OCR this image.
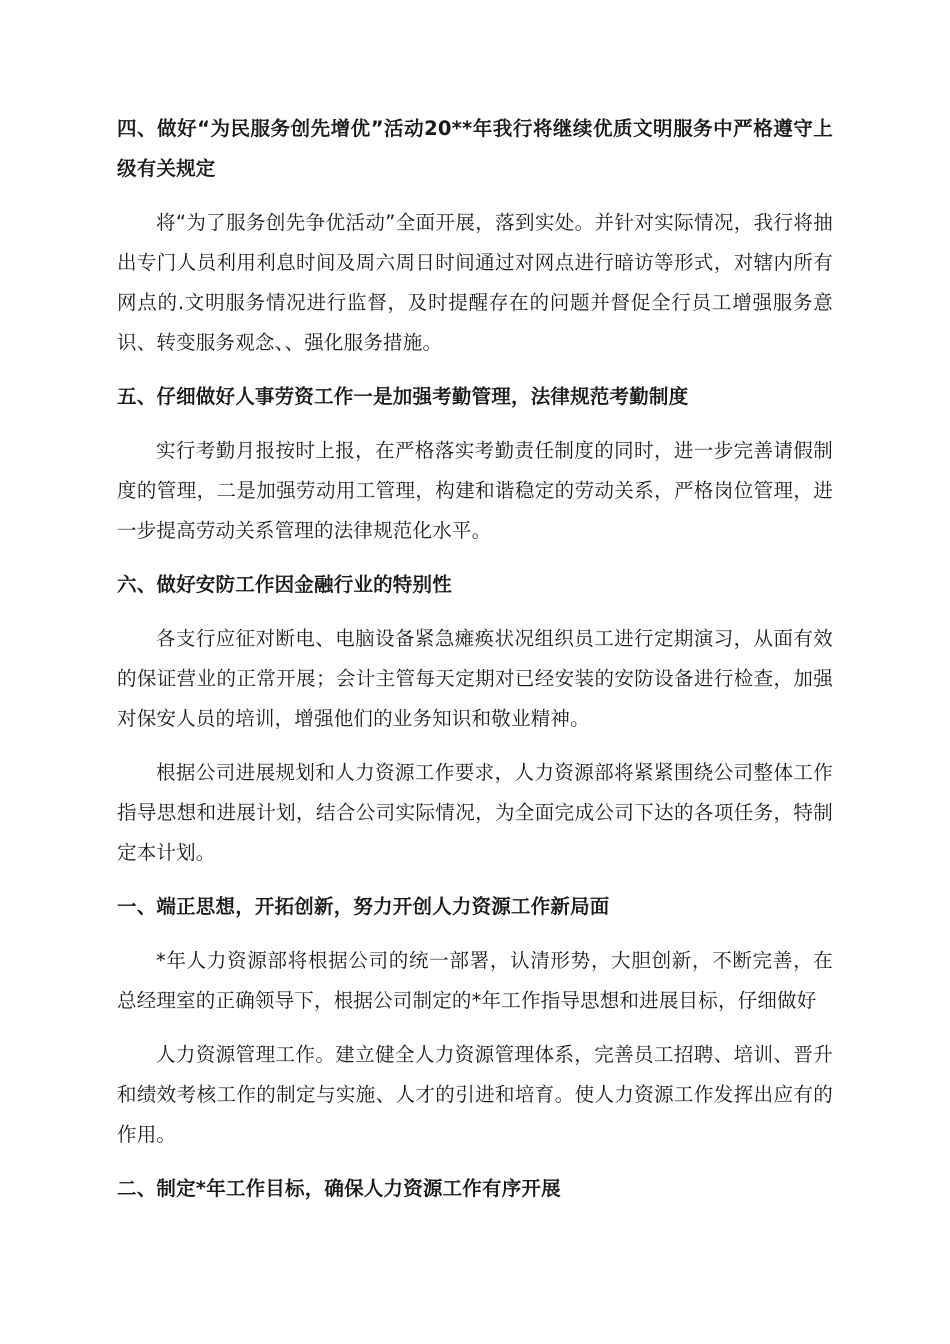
四、做好“为民服务创先增优”活动20**年我行将继续优质文明服务中严格遵守上级有关规定

将“为了服务创先争优活动”全面开展，落到实处。并针对实际情况，我行将抽出专门人员利用利息时间及周六周日时间通过对网点进行暗访等形式，对辖内所有网点的.文明服务情况进行监督，及时提醒存在的问题并督促全行员工增强服务意识、转变服务观念、、强化服务措施。

五、仔细做好人事劳资工作一是加强考勤管理，法律规范考勤制度

实行考勤月报按时上报，在严格落实考勤责任制度的同时，进一步完善请假制度的管理，二是加强劳动用工管理，构建和谐稳定的劳动关系，严格岗位管理，进一步提高劳动关系管理的法律规范化水平。

六、做好安防工作因金融行业的特别性

各支行应征对断电、电脑设备紧急瘫痪状况组织员工进行定期演习，从面有效的保证营业的正常开展；会计主管每天定期对已经安装的安防设备进行检查，加强对保安人员的培训，增强他们的业务知识和敬业精神。

根据公司进展规划和人力资源工作要求，人力资源部将紧紧围绕公司整体工作指导思想和进展计划，结合公司实际情况，为全面完成公司下达的各项任务，特制定本计划。

一、端正思想，开拓创新，努力开创人力资源工作新局面

*年人力资源部将根据公司的统一部署，认清形势，大胆创新，不断完善，在总经理室的正确领导下，根据公司制定的*年工作指导思想和进展目标，仔细做好

人力资源管理工作。建立健全人力资源管理体系，完善员工招聘、培训、晋升和绩效考核工作的制定与实施、人才的引进和培育。使人力资源工作发挥出应有的作用。

二、制定*年工作目标，确保人力资源工作有序开展
